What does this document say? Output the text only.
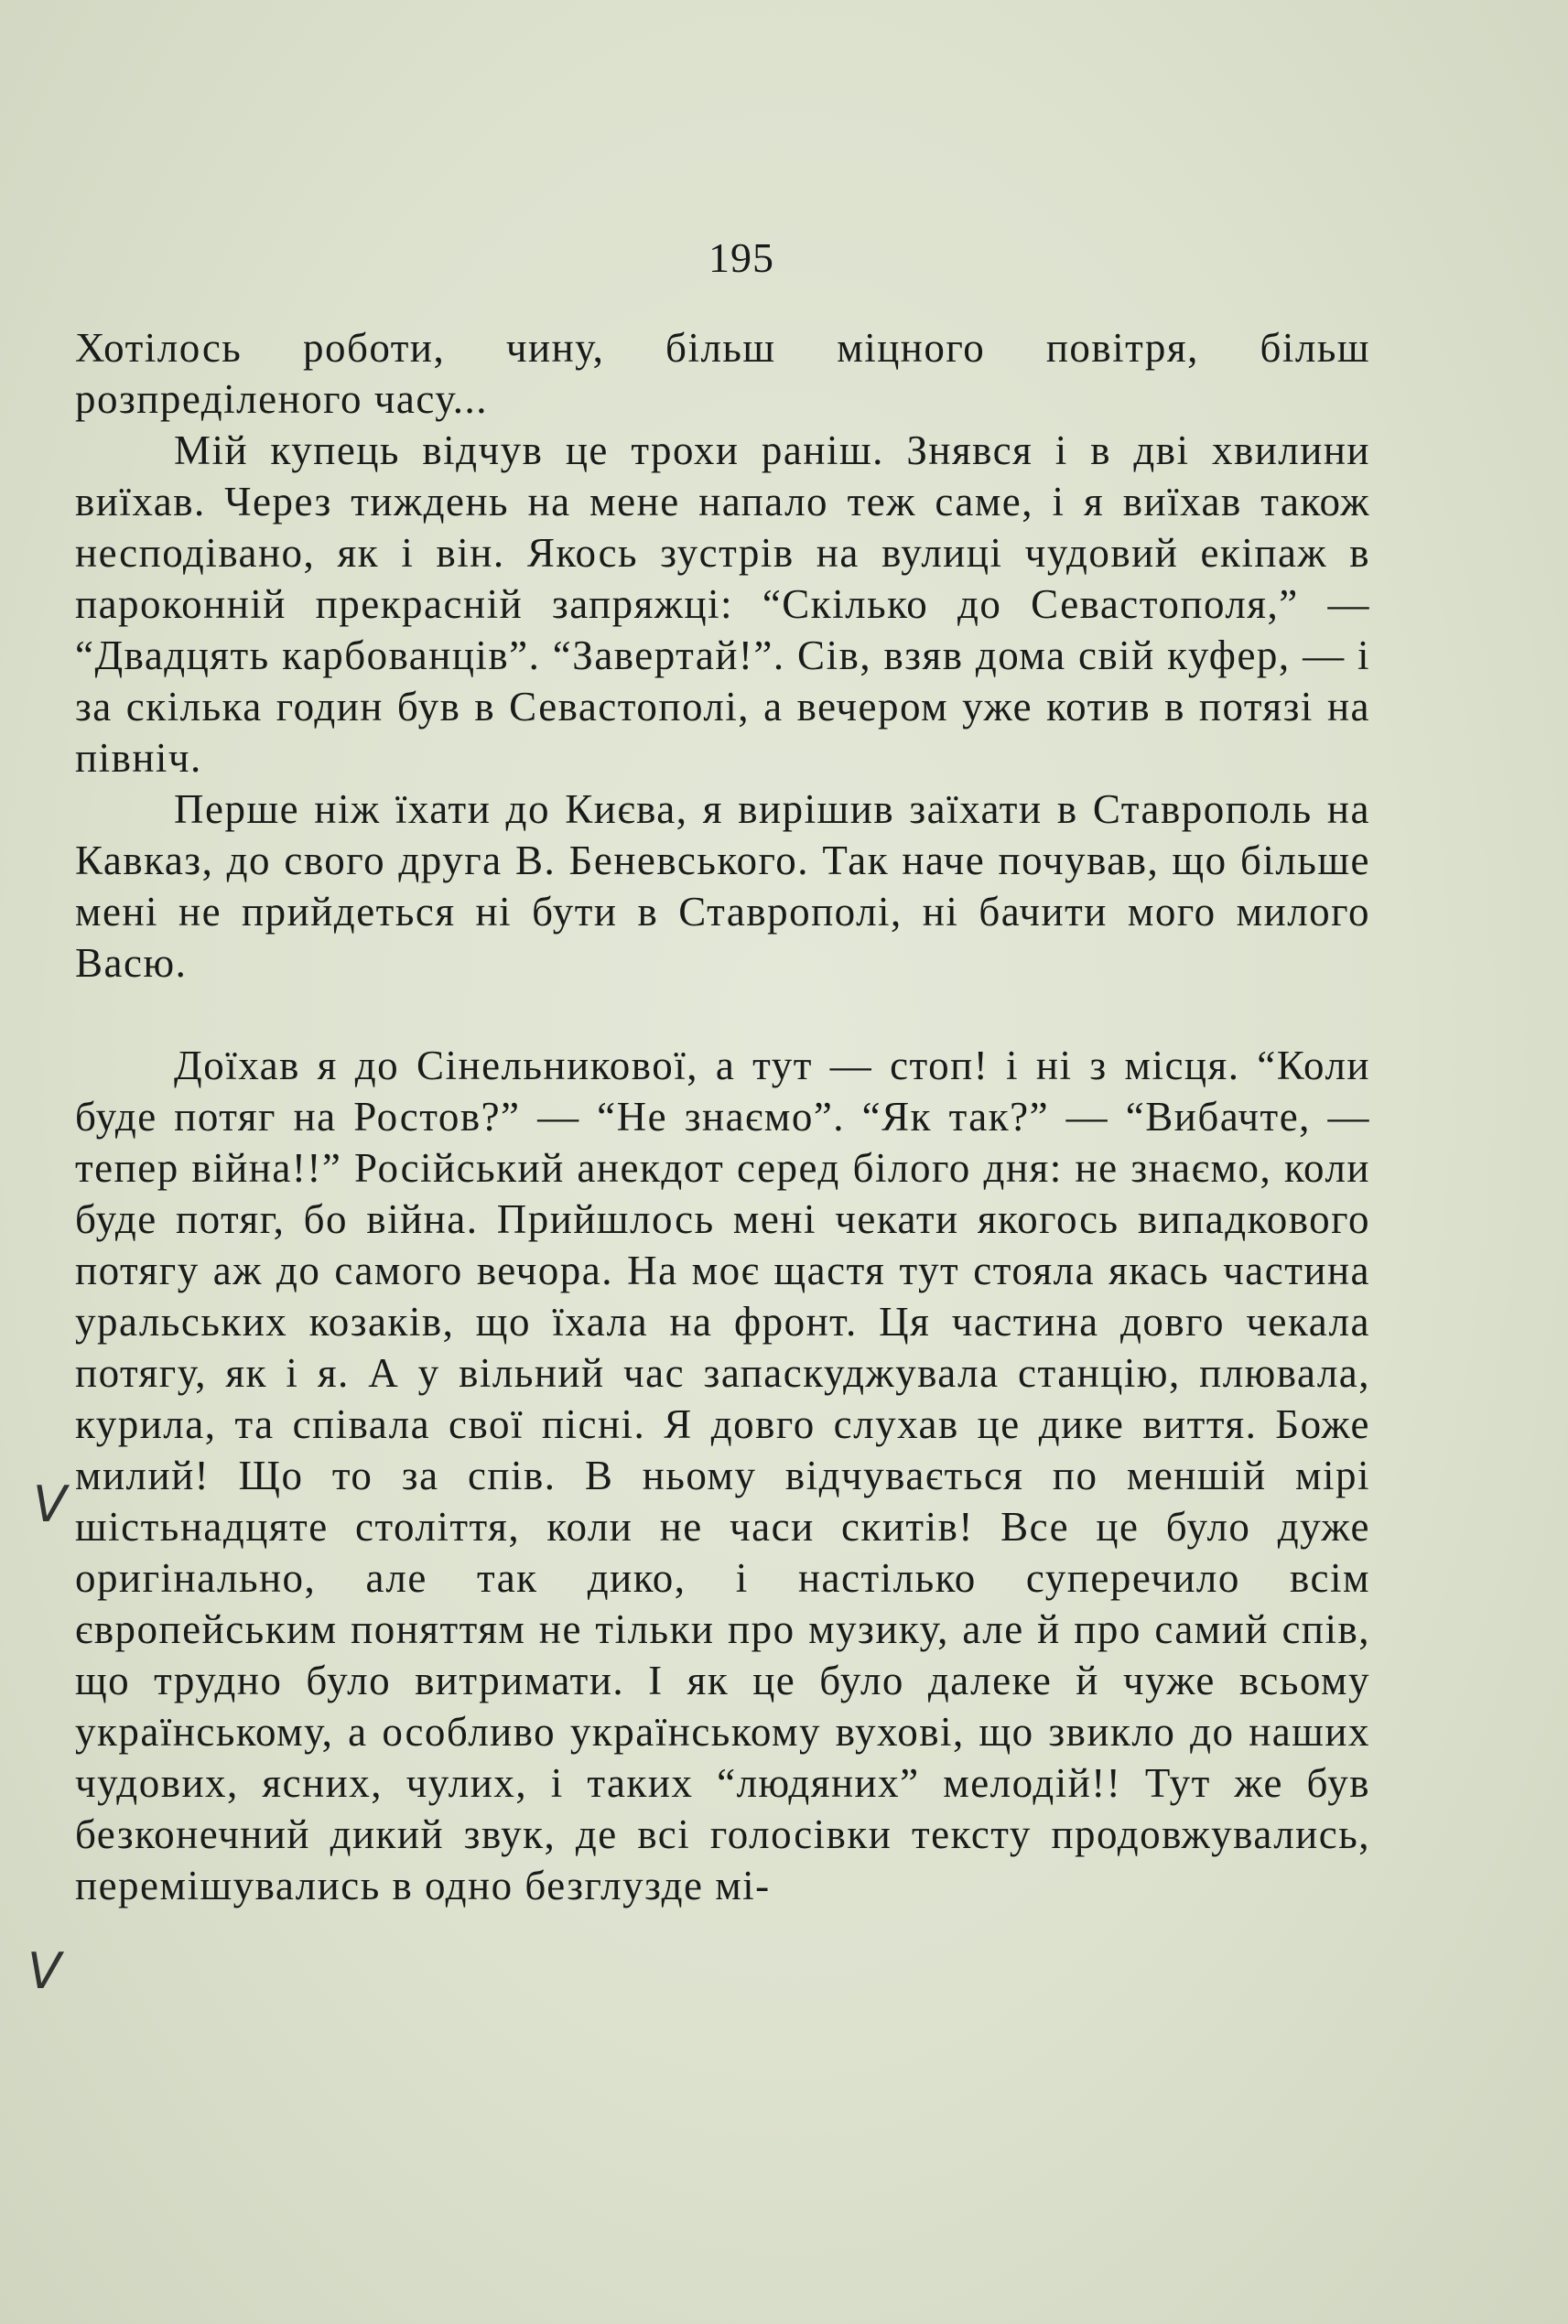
195

Хотілось роботи, чину, більш міцного повітря, більш розпреділеного часу...

Мій купець відчув це трохи раніш. Знявся і в дві хвилини виїхав. Через тиждень на мене напало теж саме, і я виїхав також несподівано, як і він. Якось зустрів на вулиці чудовий екіпаж в пароконній прекрасній запряжці: “Скілько до Севастополя,” — “Двадцять карбованців”. “Завертай!”. Сів, взяв дома свій куфер, — і за скілька годин був в Севастополі, а вечером уже котив в потязі на північ.

Перше ніж їхати до Києва, я вирішив заїхати в Ставрополь на Кавказ, до свого друга В. Беневського. Так наче почував, що більше мені не прийдеться ні бути в Ставрополі, ні бачити мого милого Васю.

Доїхав я до Сінельникової, а тут — стоп! і ні з місця. “Коли буде потяг на Ростов?” — “Не знаємо”. “Як так?” — “Вибачте, — тепер війна!!” Російський анекдот серед білого дня: не знаємо, коли буде потяг, бо війна. Прийшлось мені чекати якогось випадкового потягу аж до самого вечора. На моє щастя тут стояла якась частина уральських козаків, що їхала на фронт. Ця частина довго чекала потягу, як і я. А у вільний час запаскуджувала станцію, плювала, курила, та співала свої пісні. Я довго слухав це дике виття. Боже милий! Що то за спів. В ньому відчувається по меншій мірі шістьнадцяте століття, коли не часи скитів! Все це було дуже оригінально, але так дико, і настілько суперечило всім європейським поняттям не тільки про музику, але й про самий спів, що трудно було витримати. І як це було далеке й чуже всьому українському, а особливо українському вухові, що звикло до наших чудових, ясних, чулих, і таких “людяних” мелодій!! Тут же був безконечний дикий звук, де всі голосівки тексту продовжувались, перемішувались в одно безглузде мі-

V
V
